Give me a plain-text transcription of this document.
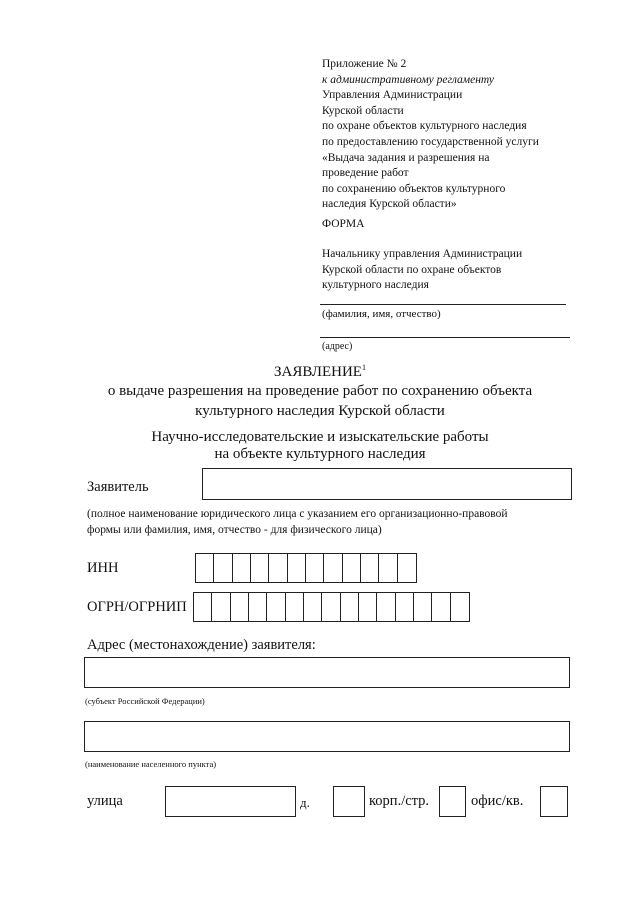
Приложение № 2
к административному регламенту
Управления Администрации
Курской области
по охране объектов культурного наследия
по предоставлению государственной услуги
«Выдача задания и разрешения на
проведение работ
по сохранению объектов культурного
наследия Курской области»
ФОРМА
Начальнику управления Администрации
Курской области по охране объектов
культурного наследия
(фамилия, имя, отчество)
(адрес)
ЗАЯВЛЕНИЕ$^1$
о выдаче разрешения на проведение работ по сохранению объекта
культурного наследия Курской области
Научно-исследовательские и изыскательские работы
на объекте культурного наследия
Заявитель
(полное наименование юридического лица с указанием его организационно-правовой
формы или фамилия, имя, отчество - для физического лица)
ИНН
ОГРН/ОГРНИП
Адрес (местонахождение) заявителя:
(субъект Российской Федерации)
(наименование населенного пункта)
улица	д.	корп./стр.	офис/кв.
